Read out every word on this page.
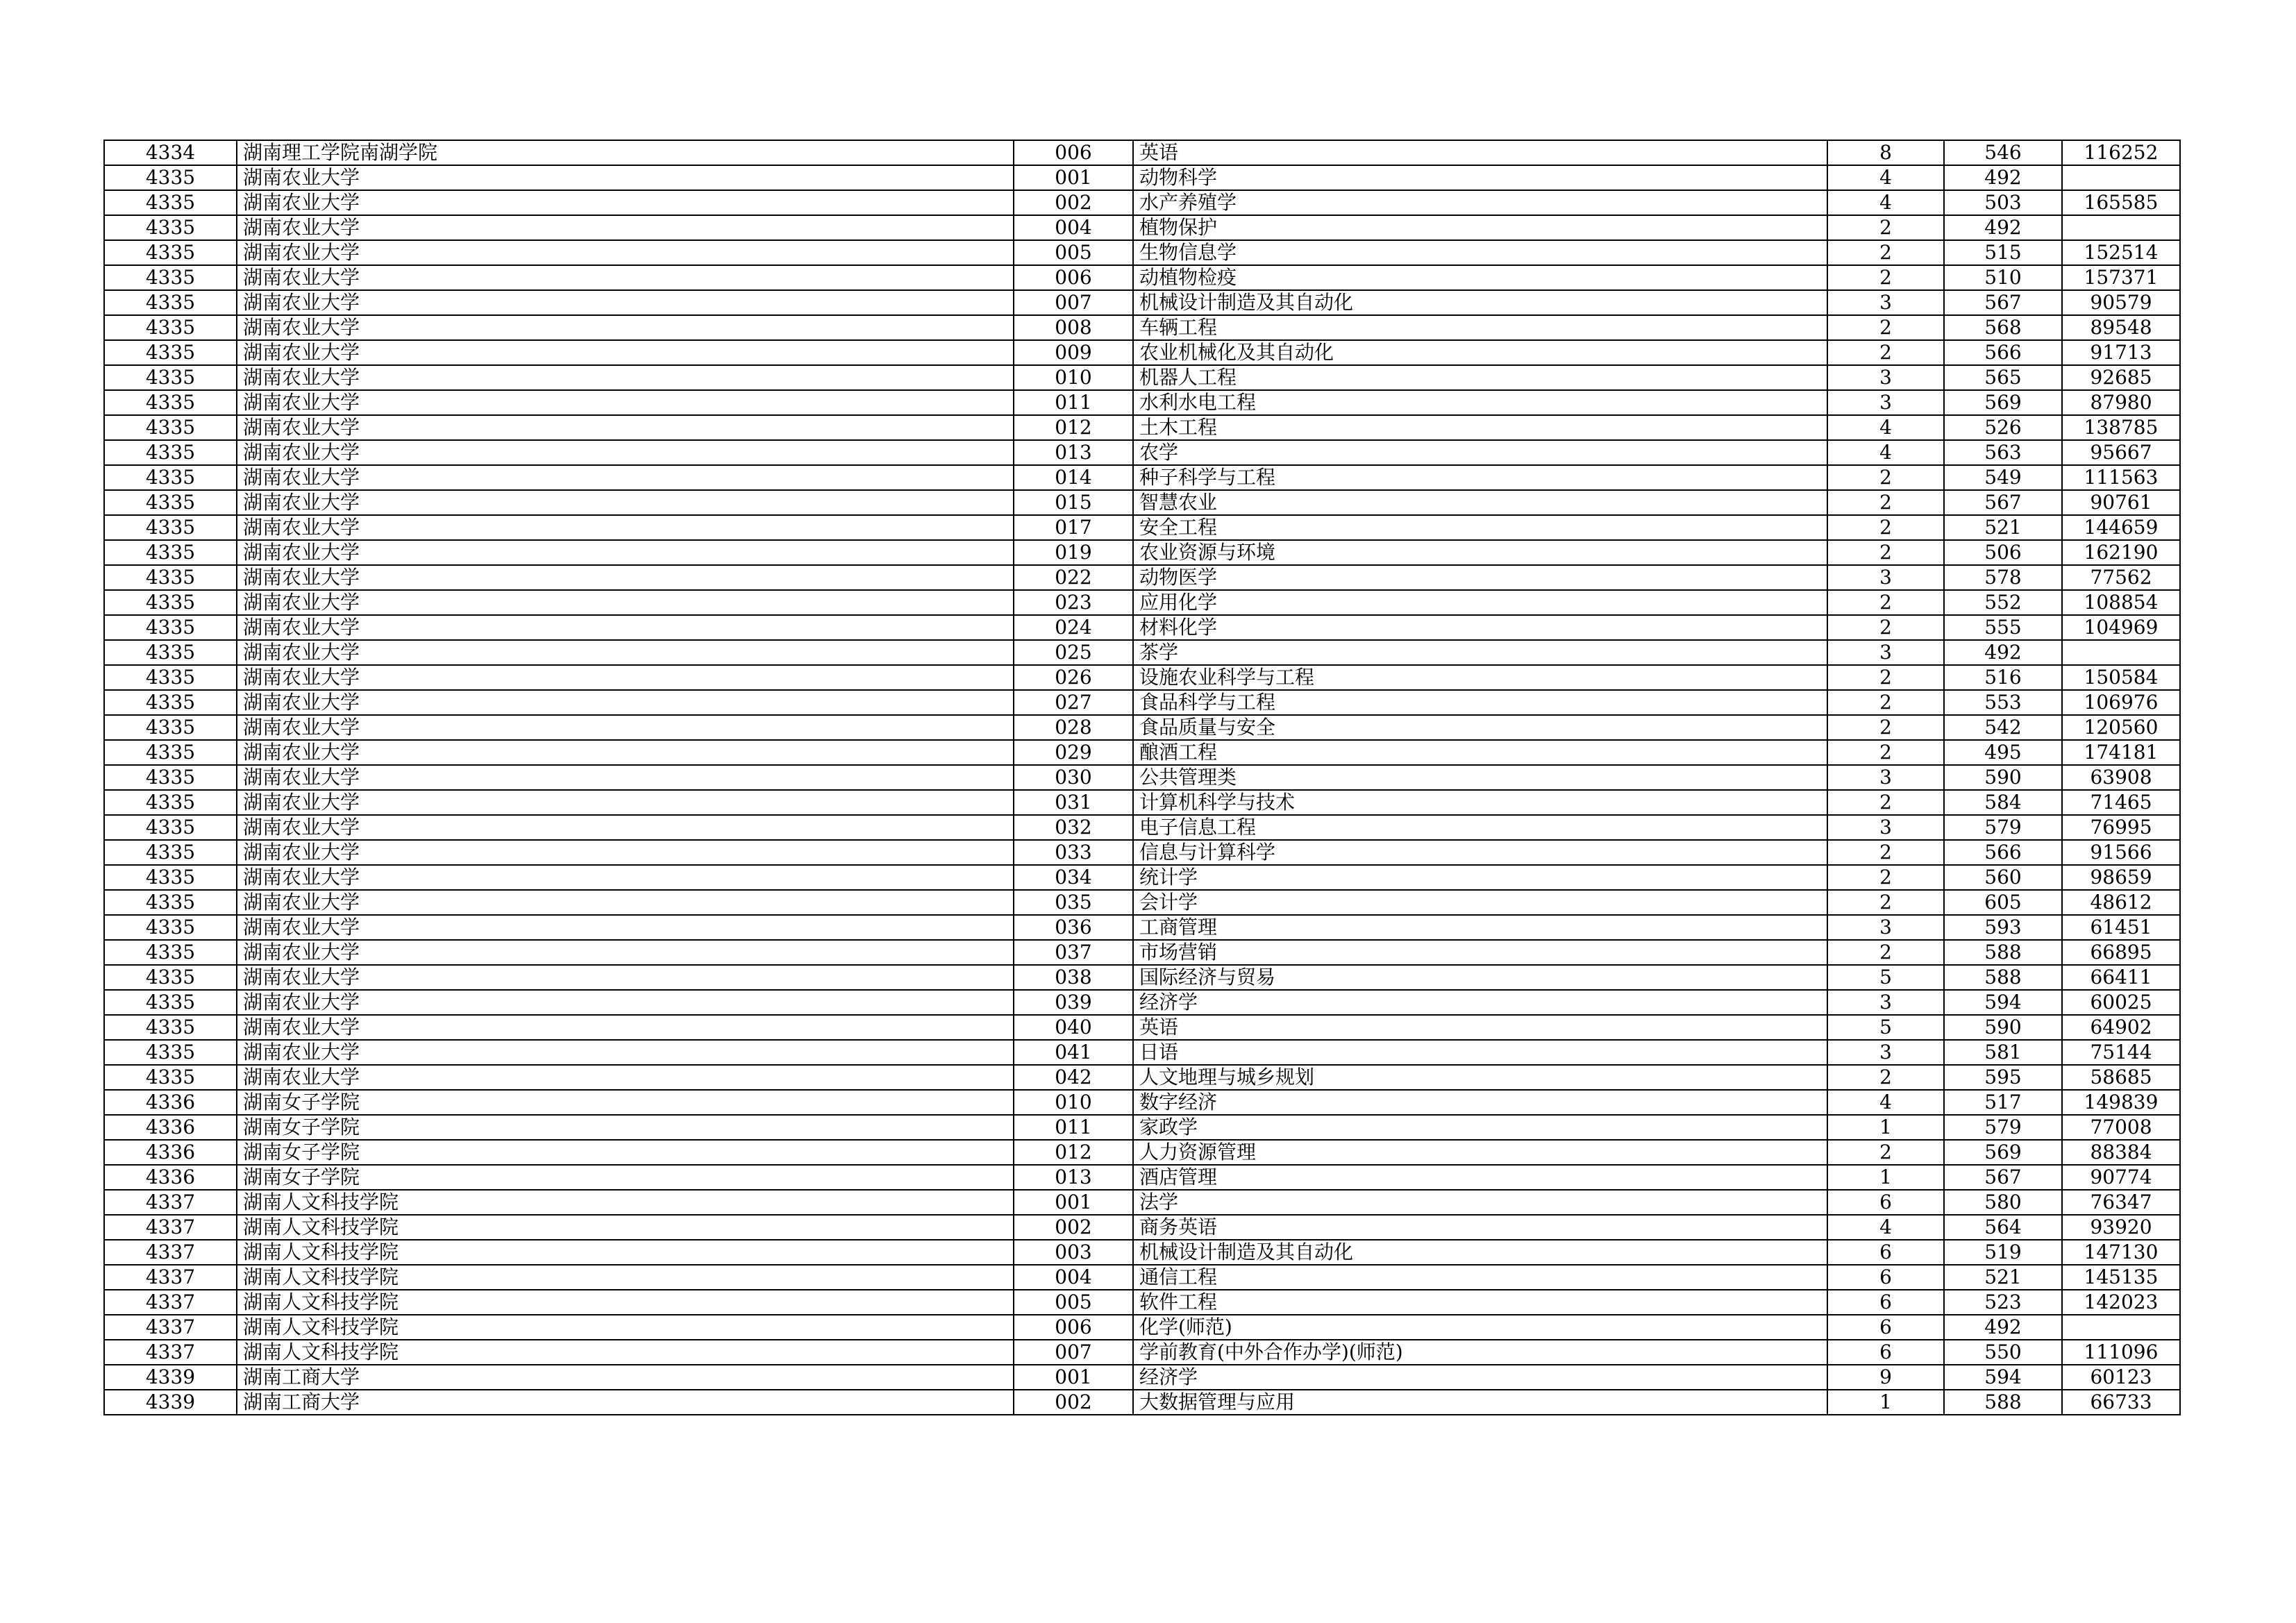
4334	湖南理工学院南湖学院	006	英语	8	546	116252
4335	湖南农业大学	001	动物科学	4	492	
4335	湖南农业大学	002	水产养殖学	4	503	165585
4335	湖南农业大学	004	植物保护	2	492	
4335	湖南农业大学	005	生物信息学	2	515	152514
4335	湖南农业大学	006	动植物检疫	2	510	157371
4335	湖南农业大学	007	机械设计制造及其自动化	3	567	90579
4335	湖南农业大学	008	车辆工程	2	568	89548
4335	湖南农业大学	009	农业机械化及其自动化	2	566	91713
4335	湖南农业大学	010	机器人工程	3	565	92685
4335	湖南农业大学	011	水利水电工程	3	569	87980
4335	湖南农业大学	012	土木工程	4	526	138785
4335	湖南农业大学	013	农学	4	563	95667
4335	湖南农业大学	014	种子科学与工程	2	549	111563
4335	湖南农业大学	015	智慧农业	2	567	90761
4335	湖南农业大学	017	安全工程	2	521	144659
4335	湖南农业大学	019	农业资源与环境	2	506	162190
4335	湖南农业大学	022	动物医学	3	578	77562
4335	湖南农业大学	023	应用化学	2	552	108854
4335	湖南农业大学	024	材料化学	2	555	104969
4335	湖南农业大学	025	茶学	3	492	
4335	湖南农业大学	026	设施农业科学与工程	2	516	150584
4335	湖南农业大学	027	食品科学与工程	2	553	106976
4335	湖南农业大学	028	食品质量与安全	2	542	120560
4335	湖南农业大学	029	酿酒工程	2	495	174181
4335	湖南农业大学	030	公共管理类	3	590	63908
4335	湖南农业大学	031	计算机科学与技术	2	584	71465
4335	湖南农业大学	032	电子信息工程	3	579	76995
4335	湖南农业大学	033	信息与计算科学	2	566	91566
4335	湖南农业大学	034	统计学	2	560	98659
4335	湖南农业大学	035	会计学	2	605	48612
4335	湖南农业大学	036	工商管理	3	593	61451
4335	湖南农业大学	037	市场营销	2	588	66895
4335	湖南农业大学	038	国际经济与贸易	5	588	66411
4335	湖南农业大学	039	经济学	3	594	60025
4335	湖南农业大学	040	英语	5	590	64902
4335	湖南农业大学	041	日语	3	581	75144
4335	湖南农业大学	042	人文地理与城乡规划	2	595	58685
4336	湖南女子学院	010	数字经济	4	517	149839
4336	湖南女子学院	011	家政学	1	579	77008
4336	湖南女子学院	012	人力资源管理	2	569	88384
4336	湖南女子学院	013	酒店管理	1	567	90774
4337	湖南人文科技学院	001	法学	6	580	76347
4337	湖南人文科技学院	002	商务英语	4	564	93920
4337	湖南人文科技学院	003	机械设计制造及其自动化	6	519	147130
4337	湖南人文科技学院	004	通信工程	6	521	145135
4337	湖南人文科技学院	005	软件工程	6	523	142023
4337	湖南人文科技学院	006	化学(师范)	6	492	
4337	湖南人文科技学院	007	学前教育(中外合作办学)(师范)	6	550	111096
4339	湖南工商大学	001	经济学	9	594	60123
4339	湖南工商大学	002	大数据管理与应用	1	588	66733
